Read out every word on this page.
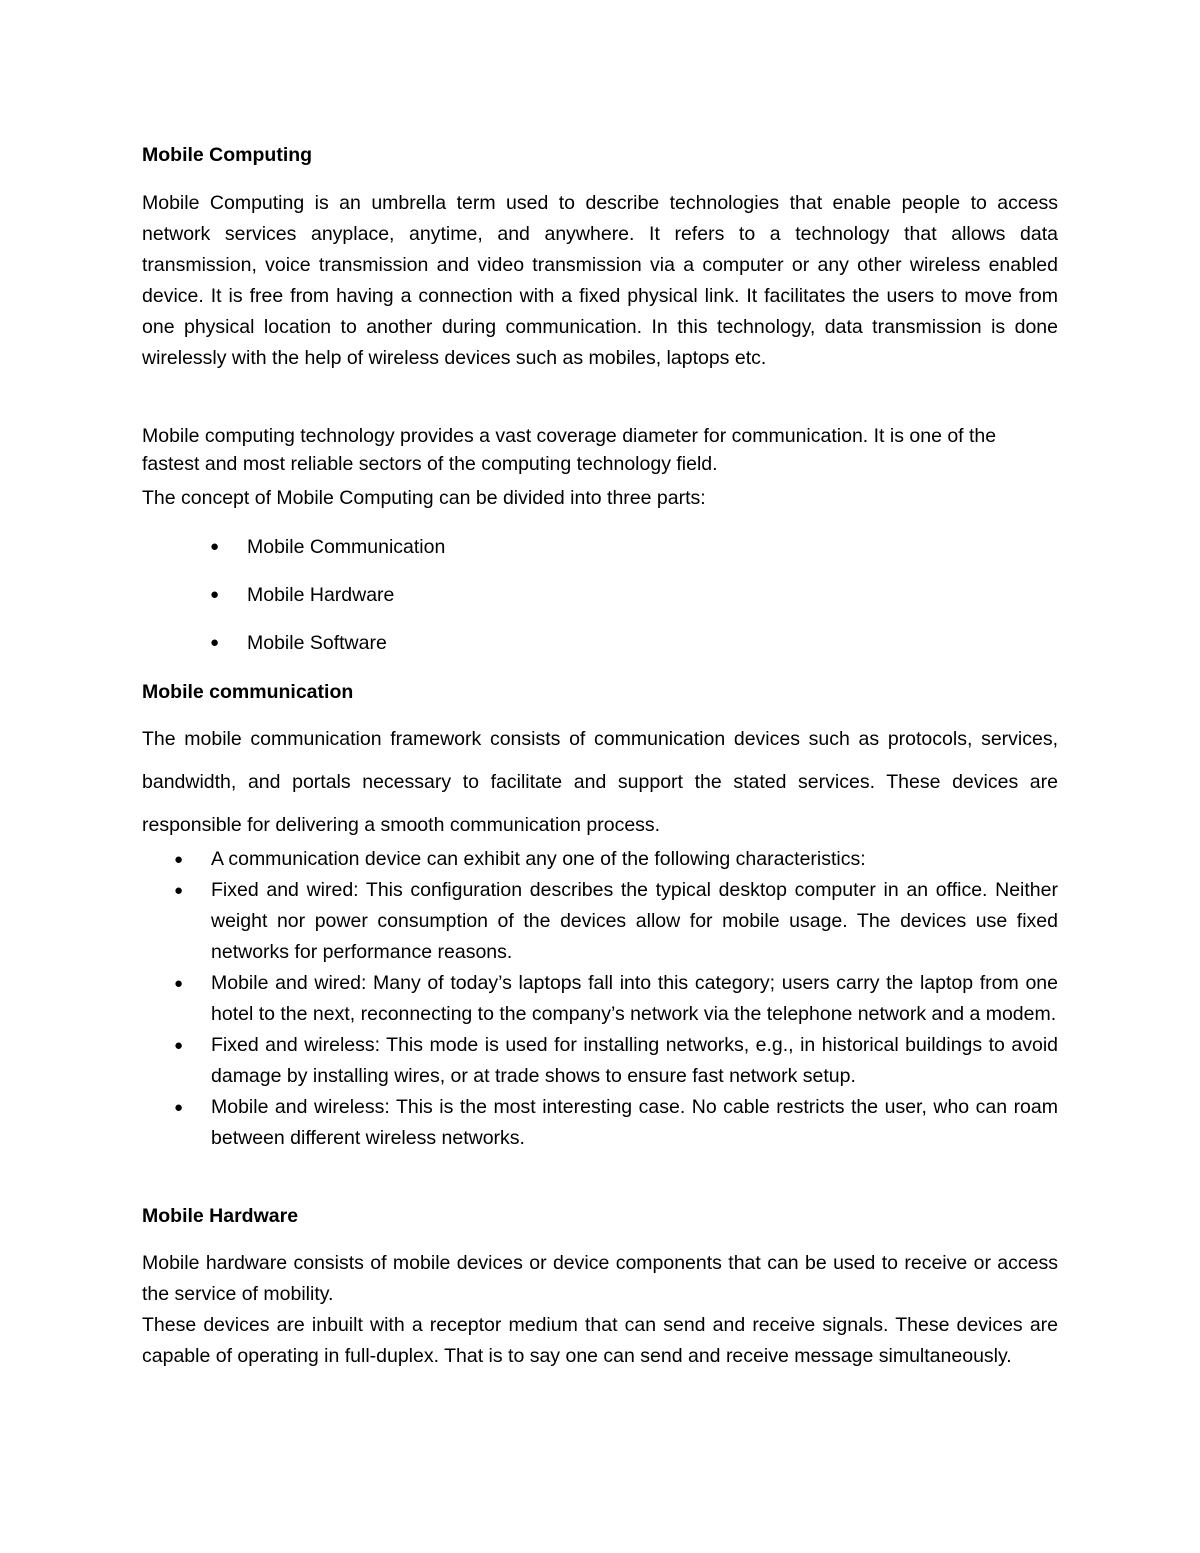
Mobile Computing

Mobile Computing is an umbrella term used to describe technologies that enable people to access network services anyplace, anytime, and anywhere. It refers to a technology that allows data transmission, voice transmission and video transmission via a computer or any other wireless enabled device. It is free from having a connection with a fixed physical link. It facilitates the users to move from one physical location to another during communication. In this technology, data transmission is done wirelessly with the help of wireless devices such as mobiles, laptops etc.

Mobile computing technology provides a vast coverage diameter for communication. It is one of the fastest and most reliable sectors of the computing technology field.

The concept of Mobile Computing can be divided into three parts:

● Mobile Communication
● Mobile Hardware
● Mobile Software

Mobile communication

The mobile communication framework consists of communication devices such as protocols, services, bandwidth, and portals necessary to facilitate and support the stated services. These devices are responsible for delivering a smooth communication process.

● A communication device can exhibit any one of the following characteristics:
● Fixed and wired: This configuration describes the typical desktop computer in an office. Neither weight nor power consumption of the devices allow for mobile usage. The devices use fixed networks for performance reasons.
● Mobile and wired: Many of today’s laptops fall into this category; users carry the laptop from one hotel to the next, reconnecting to the company’s network via the telephone network and a modem.
● Fixed and wireless: This mode is used for installing networks, e.g., in historical buildings to avoid damage by installing wires, or at trade shows to ensure fast network setup.
● Mobile and wireless: This is the most interesting case. No cable restricts the user, who can roam between different wireless networks.

Mobile Hardware

Mobile hardware consists of mobile devices or device components that can be used to receive or access the service of mobility.

These devices are inbuilt with a receptor medium that can send and receive signals. These devices are capable of operating in full-duplex. That is to say one can send and receive message simultaneously.
